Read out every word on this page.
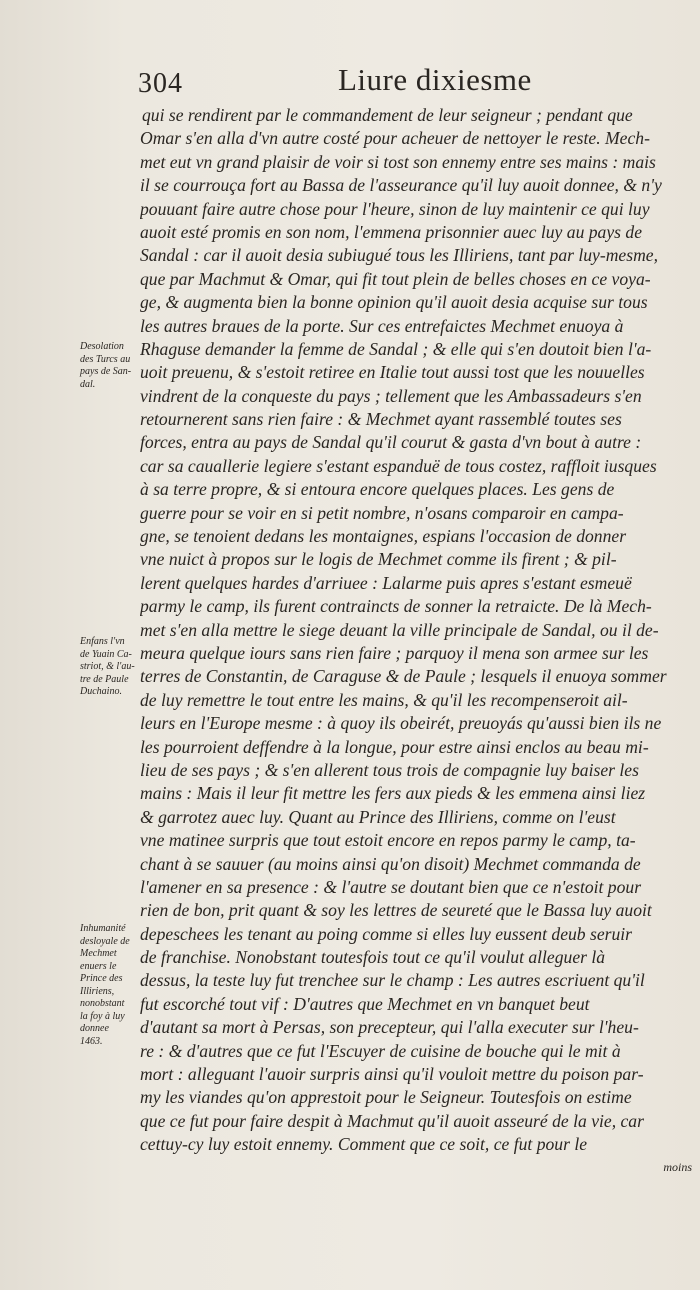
304	Liure dixiesme
qui se rendirent par le commandement de leur seigneur ; pendant que
Omar s'en alla d'vn autre costé pour acheuer de nettoyer le reste. Mech-
met eut vn grand plaisir de voir si tost son ennemy entre ses mains : mais
il se courrouça fort au Bassa de l'asseurance qu'il luy auoit donnee, & n'y
pouuant faire autre chose pour l'heure, sinon de luy maintenir ce qui luy
auoit esté promis en son nom, l'emmena prisonnier auec luy au pays de
Sandal : car il auoit desia subiugué tous les Illiriens, tant par luy-mesme,
que par Machmut & Omar, qui fit tout plein de belles choses en ce voya-
ge, & augmenta bien la bonne opinion qu'il auoit desia acquise sur tous
les autres braues de la porte. Sur ces entrefaictes Mechmet enuoya à
Rhaguse demander la femme de Sandal ; & elle qui s'en doutoit bien l'a-
uoit preuenu, & s'estoit retiree en Italie tout aussi tost que les nouuelles
vindrent de la conqueste du pays ; tellement que les Ambassadeurs s'en
retournerent sans rien faire : & Mechmet ayant rassemblé toutes ses
forces, entra au pays de Sandal qu'il courut & gasta d'vn bout à autre :
car sa cauallerie legiere s'estant espanduë de tous costez, raffloit iusques
à sa terre propre, & si entoura encore quelques places. Les gens de
guerre pour se voir en si petit nombre, n'osans comparoir en campa-
gne, se tenoient dedans les montaignes, espians l'occasion de donner
vne nuict à propos sur le logis de Mechmet comme ils firent ; & pil-
lerent quelques hardes d'arriuee : Lalarme puis apres s'estant esmeuë
parmy le camp, ils furent contraincts de sonner la retraicte. De là Mech-
met s'en alla mettre le siege deuant la ville principale de Sandal, ou il de-
meura quelque iours sans rien faire ; parquoy il mena son armee sur les
terres de Constantin, de Caraguse & de Paule ; lesquels il enuoya sommer
de luy remettre le tout entre les mains, & qu'il les recompenseroit ail-
leurs en l'Europe mesme : à quoy ils obeirét, preuoyás qu'aussi bien ils ne
les pourroient deffendre à la longue, pour estre ainsi enclos au beau mi-
lieu de ses pays ; & s'en allerent tous trois de compagnie luy baiser les
mains : Mais il leur fit mettre les fers aux pieds & les emmena ainsi liez
& garrotez auec luy. Quant au Prince des Illiriens, comme on l'eust
vne matinee surpris que tout estoit encore en repos parmy le camp, ta-
chant à se sauuer (au moins ainsi qu'on disoit) Mechmet commanda de
l'amener en sa presence : & l'autre se doutant bien que ce n'estoit pour
rien de bon, prit quant & soy les lettres de seureté que le Bassa luy auoit
depeschees les tenant au poing comme si elles luy eussent deub seruir
de franchise. Nonobstant toutesfois tout ce qu'il voulut alleguer là
dessus, la teste luy fut trenchee sur le champ : Les autres escriuent qu'il
fut escorché tout vif : D'autres que Mechmet en vn banquet beut
d'autant sa mort à Persas, son precepteur, qui l'alla executer sur l'heu-
re : & d'autres que ce fut l'Escuyer de cuisine de bouche qui le mit à
mort : alleguant l'auoir surpris ainsi qu'il vouloit mettre du poison par-
my les viandes qu'on apprestoit pour le Seigneur. Toutesfois on estime
que ce fut pour faire despit à Machmut qu'il auoit asseuré de la vie, car
cettuy-cy luy estoit ennemy. Comment que ce soit, ce fut pour le
moins
Desolation
des Turcs au
pays de San-
dal.
Enfans l'vn
de Yuain Ca-
striot, & l'au-
tre de Paule
Duchaino.
Inhumanité
desloyale de
Mechmet
enuers le
Prince des
Illiriens,
nonobstant
la foy à luy
donnee
1463.
